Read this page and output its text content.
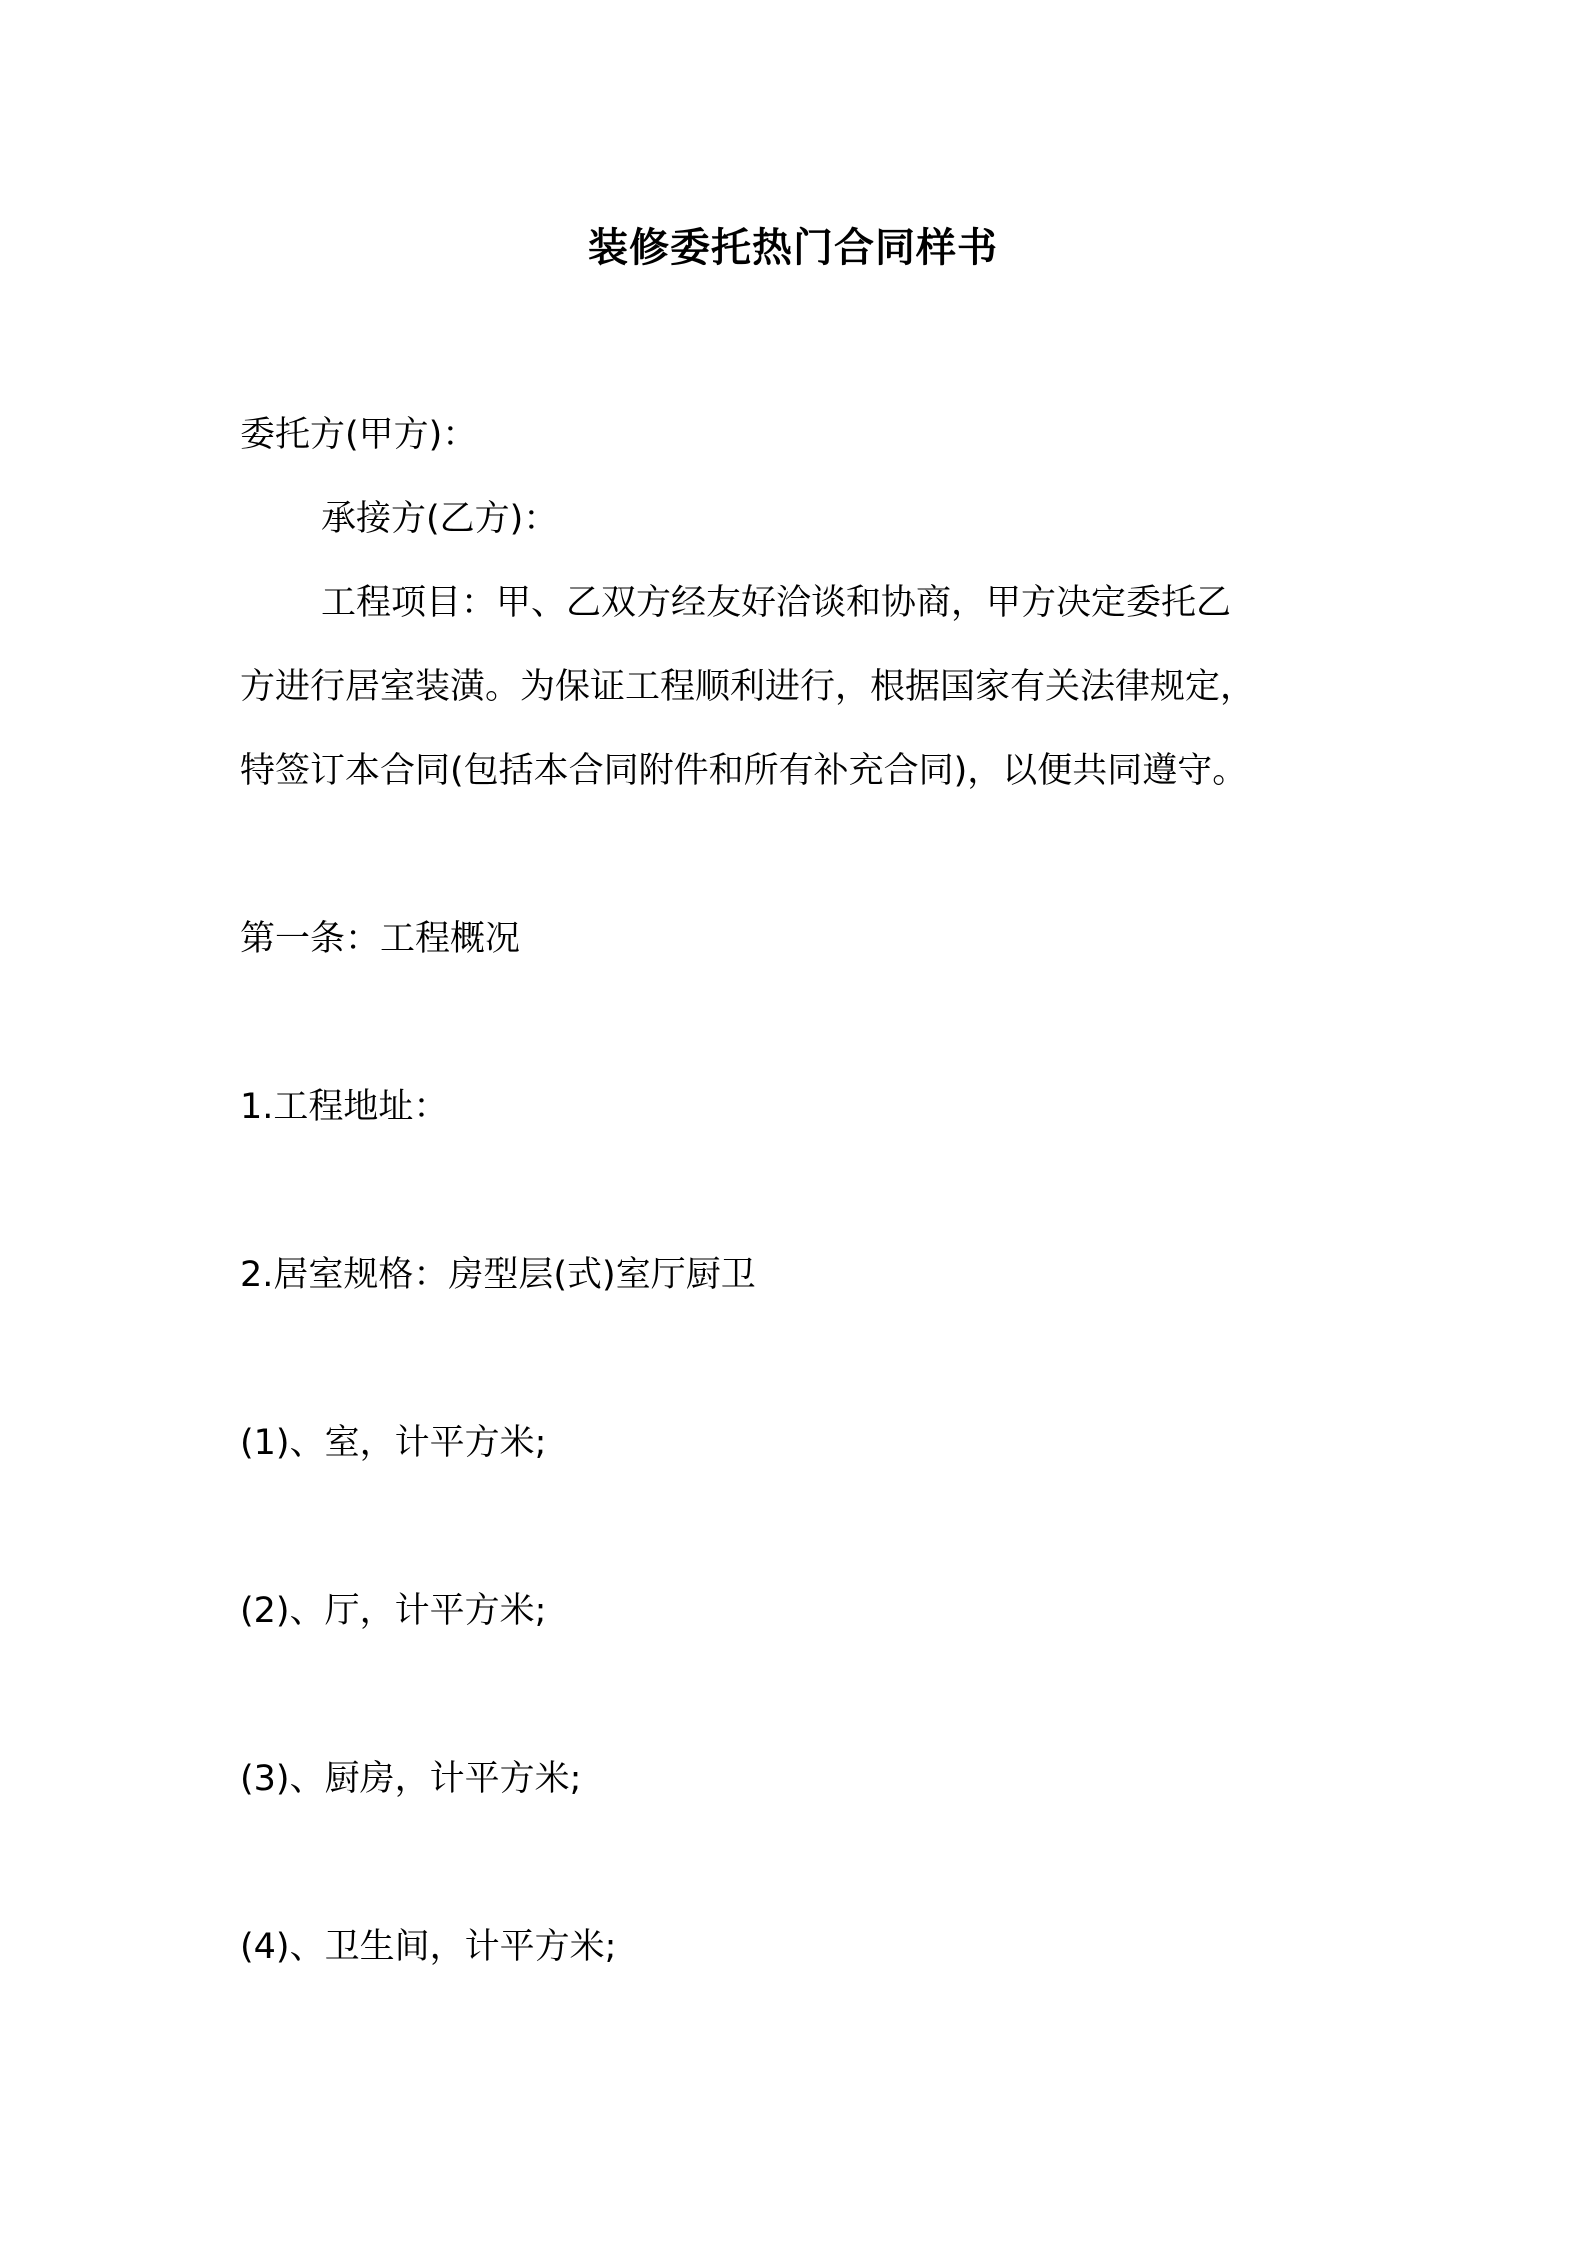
装修委托热门合同样书
委托方(甲方)：
承接方(乙方)：
工程项目：甲、乙双方经友好洽谈和协商，甲方决定委托乙
方进行居室装潢。为保证工程顺利进行，根据国家有关法律规定，
特签订本合同(包括本合同附件和所有补充合同)，以便共同遵守。
第一条：工程概况
1.工程地址：
2.居室规格：房型层(式)室厅厨卫
(1)、室，计平方米;
(2)、厅，计平方米;
(3)、厨房，计平方米;
(4)、卫生间，计平方米;
